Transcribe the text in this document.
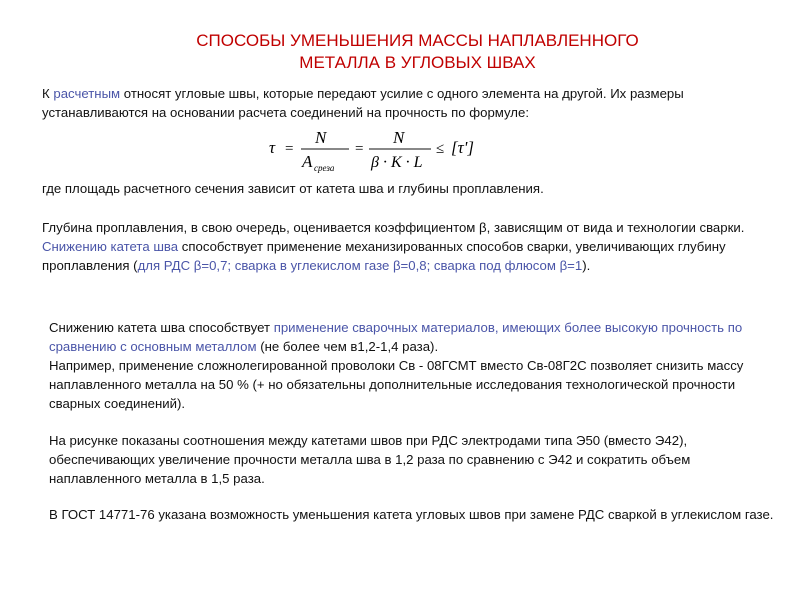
СПОСОБЫ УМЕНЬШЕНИЯ МАССЫ НАПЛАВЛЕННОГО
МЕТАЛЛА В УГЛОВЫХ ШВАХ
К расчетным относят угловые швы, которые передают усилие с одного элемента на другой. Их размеры устанавливаются на основании расчета соединений на прочность по формуле:
τ =
N
A среза
=
N
β · K · L
≤ [τ']
где площадь расчетного сечения зависит от катета шва и глубины проплавления.
Глубина проплавления, в свою очередь, оценивается коэффициентом β, зависящим от вида и технологии сварки. Снижению катета шва способствует применение механизированных способов сварки, увеличивающих глубину проплавления (для РДС β=0,7; сварка в углекислом газе β=0,8; сварка под флюсом β=1).
Снижению катета шва способствует применение сварочных материалов, имеющих более высокую прочность по сравнению с основным металлом (не более чем в1,2-1,4 раза).
Например, применение сложнолегированной проволоки Св - 08ГСМТ вместо Св-08Г2С позволяет снизить массу наплавленного металла на 50 % (+ но обязательны дополнительные исследования технологической прочности сварных соединений).
На рисунке показаны соотношения между катетами швов при РДС электродами типа Э50 (вместо Э42), обеспечивающих увеличение прочности металла шва в 1,2 раза по сравнению с Э42 и сократить объем наплавленного металла в 1,5 раза.
В ГОСТ 14771-76 указана возможность уменьшения катета угловых швов при замене РДС сваркой в углекислом газе.
